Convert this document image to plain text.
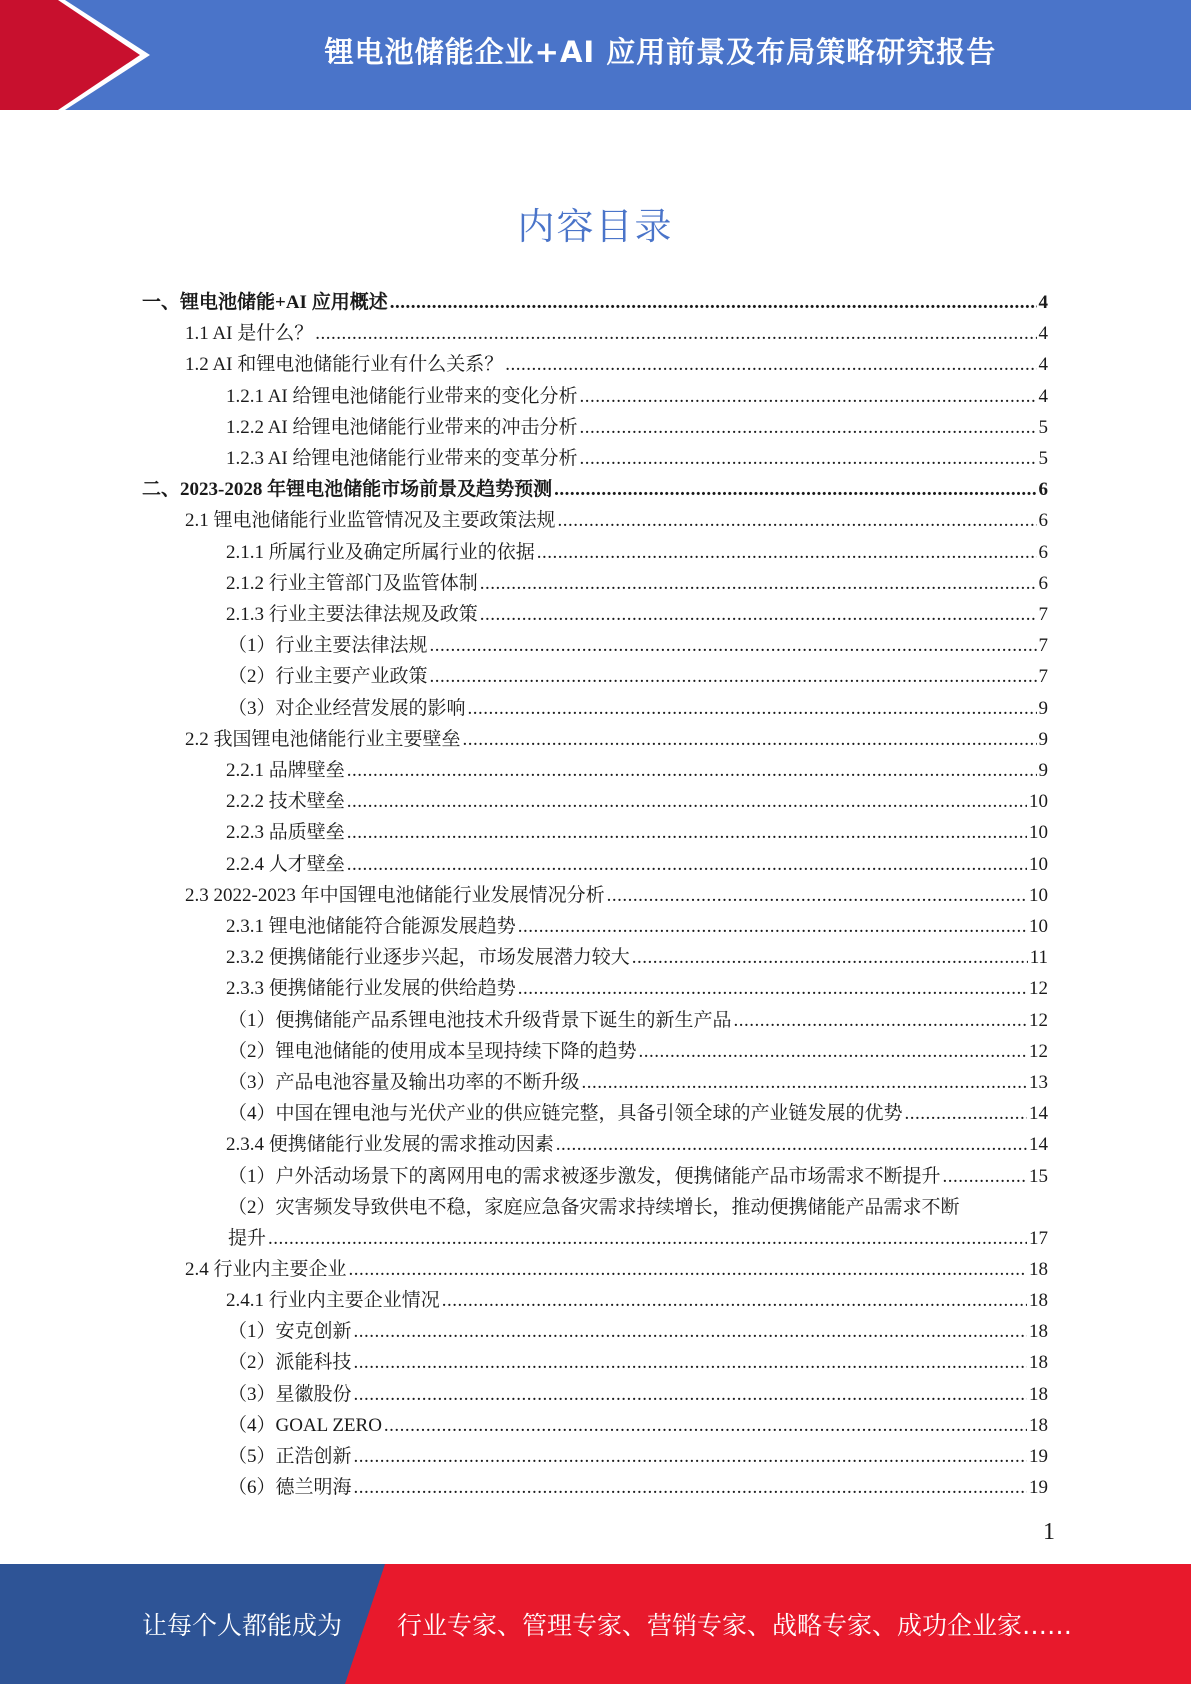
锂电池储能企业+AI 应用前景及布局策略研究报告
内容目录
一、锂电池储能+AI 应用概述 .....	4
1.1 AI 是什么？ .....	4
1.2 AI 和锂电池储能行业有什么关系？ .....	4
1.2.1 AI 给锂电池储能行业带来的变化分析 .....	4
1.2.2 AI 给锂电池储能行业带来的冲击分析 .....	5
1.2.3 AI 给锂电池储能行业带来的变革分析 .....	5
二、2023-2028 年锂电池储能市场前景及趋势预测 .....	6
2.1 锂电池储能行业监管情况及主要政策法规 .....	6
2.1.1 所属行业及确定所属行业的依据 .....	6
2.1.2 行业主管部门及监管体制 .....	6
2.1.3 行业主要法律法规及政策 .....	7
（1）行业主要法律法规 .....	7
（2）行业主要产业政策 .....	7
（3）对企业经营发展的影响 .....	9
2.2 我国锂电池储能行业主要壁垒 .....	9
2.2.1 品牌壁垒 .....	9
2.2.2 技术壁垒 .....	10
2.2.3 品质壁垒 .....	10
2.2.4 人才壁垒 .....	10
2.3 2022-2023 年中国锂电池储能行业发展情况分析 .....	10
2.3.1 锂电池储能符合能源发展趋势 .....	10
2.3.2 便携储能行业逐步兴起，市场发展潜力较大 .....	11
2.3.3 便携储能行业发展的供给趋势 .....	12
（1）便携储能产品系锂电池技术升级背景下诞生的新生产品 .....	12
（2）锂电池储能的使用成本呈现持续下降的趋势 .....	12
（3）产品电池容量及输出功率的不断升级 .....	13
（4）中国在锂电池与光伏产业的供应链完整，具备引领全球的产业链发展的优势 .....	14
2.3.4 便携储能行业发展的需求推动因素 .....	14
（1）户外活动场景下的离网用电的需求被逐步激发，便携储能产品市场需求不断提升 .....	15
（2）灾害频发导致供电不稳，家庭应急备灾需求持续增长，推动便携储能产品需求不断
提升 .....	17
2.4 行业内主要企业 .....	18
2.4.1 行业内主要企业情况 .....	18
（1）安克创新 .....	18
（2）派能科技 .....	18
（3）星徽股份 .....	18
（4）GOAL ZERO .....	18
（5）正浩创新 .....	19
（6）德兰明海 .....	19
1
让每个人都能成为 行业专家、管理专家、营销专家、战略专家、成功企业家……
